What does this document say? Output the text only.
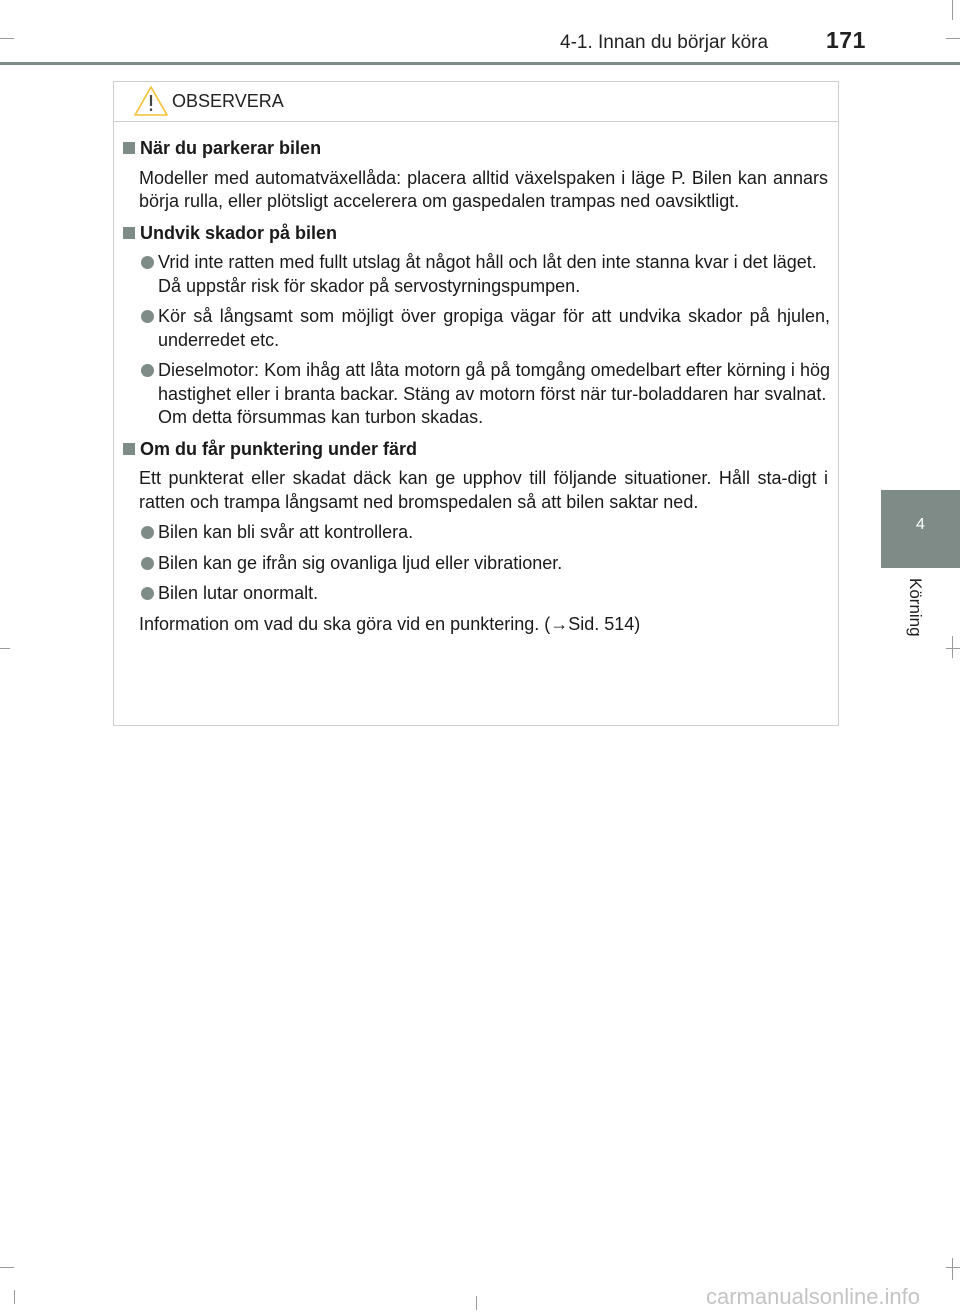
4-1. Innan du börjar köra	171
4
Körning
OBSERVERA
När du parkerar bilen
Modeller med automatväxellåda: placera alltid växelspaken i läge P. Bilen kan annars börja rulla, eller plötsligt accelerera om gaspedalen trampas ned oavsiktligt.
Undvik skador på bilen
Vrid inte ratten med fullt utslag åt något håll och låt den inte stanna kvar i det läget.
Då uppstår risk för skador på servostyrningspumpen.
Kör så långsamt som möjligt över gropiga vägar för att undvika skador på hjulen, underredet etc.
Dieselmotor: Kom ihåg att låta motorn gå på tomgång omedelbart efter körning i hög hastighet eller i branta backar. Stäng av motorn först när tur-boladdaren har svalnat.
Om detta försummas kan turbon skadas.
Om du får punktering under färd
Ett punkterat eller skadat däck kan ge upphov till följande situationer. Håll sta-digt i ratten och trampa långsamt ned bromspedalen så att bilen saktar ned.
Bilen kan bli svår att kontrollera.
Bilen kan ge ifrån sig ovanliga ljud eller vibrationer.
Bilen lutar onormalt.
Information om vad du ska göra vid en punktering. (→Sid. 514)
carmanualsonline.info
